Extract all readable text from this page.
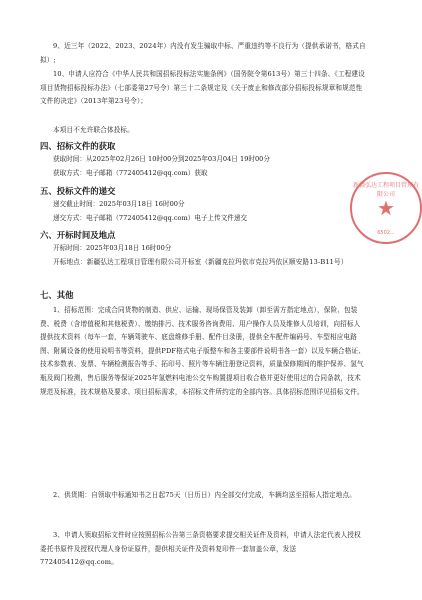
9、近三年（2022、2023、2024年）内没有发生骗取中标、严重违约等不良行为（提供承诺书，格式自拟）;

10、申请人应符合《中华人民共和国招标投标法实施条例》（国务院令第613号）第三十四条、《工程建设项目货物招标投标办法》（七部委第27号令）第三十二条规定及《关于废止和修改部分招标投标规章和规范性文件的决定》（2013年第23号令）；

本项目不允许联合体投标。

四、招标文件的获取

获取时间：从2025年02月26日 10时00分到2025年03月04日 19时00分

获取方式：电子邮箱（772405412@qq.com）获取

五、投标文件的递交

递交截止时间：2025年03月18日 16时00分

递交方式：电子邮箱（772405412@qq.com）电子上传文件递交

六、开标时间及地点

开标时间：2025年03月18日 16时00分

开标地点：新疆弘达工程项目管理有限公司开标室（新疆克拉玛依市克拉玛依区顺安路13-B11号）

七、其他

1、招标范围：完成合同货物的制造、供应、运输、现场保管及装卸（卸至需方指定地点），保险、包装费、税费（含增值税和其他税费）、缴纳排污、技术服务咨询费用、用户操作人员及维修人员培训，向招标人提供技术资料（每车一套，车辆驾驶车、底盘维修手册、配件目录册，提供全车配件编码号、车型相应电路图、附属设备的使用说明书等资料，提供PDF格式电子版整车和各主要部件说明书各一套）以及车辆合格证、技术参数表、发票、车辆检测报告等手、拓印号、照片等车辆注册登记资料，质量保修期间的维护保养、氢气瓶及阀门检测，售后服务等保证2025年氢燃料电池公交车购置提项目收合格并更好使用过的合同条款，技术规范及标准，技术规格及要求、项目招标需求，本招标文件所约定的全部内容。具体招标范围详见招标文件。

2、供货期：自领取中标通知书之日起75天（日历日）内全部交付完成，车辆均送至招标人指定地点。

3、申请人领取招标文件时应按照招标公告第三条资格要求提交相关证件及资料，申请人法定代表人授权委托书原件及授权代理人身份证原件，提供相关证件及资料复印件一套加盖公章，发送772405412@qq.com。

新疆弘达工程项目管理有限公司
★
6502...
